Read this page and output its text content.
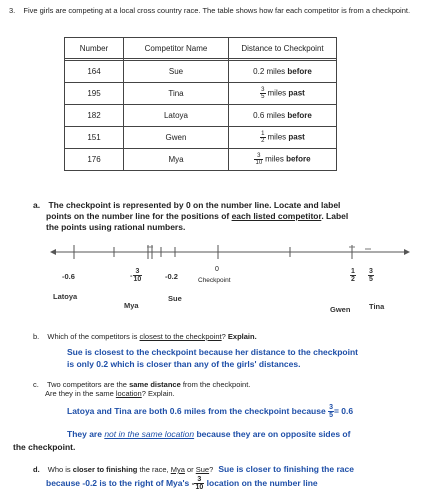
3. Five girls are competing at a local cross country race. The table shows how far each competitor is from a checkpoint.
Number	Competitor Name	Distance to Checkpoint

164	Sue	0.2 miles before
195	Tina	$\frac{3}{5}$ miles past
182	Latoya	0.6 miles before
151	Gwen	$\frac{1}{2}$ miles past
176	Mya	$\frac{3}{10}$ miles before
a. The checkpoint is represented by 0 on the number line. Locate and label
points on the number line for the positions of each listed competitor. Label
the points using rational numbers.
-0.6	- $\frac{3}{10}$	-0.2
0
Checkpoint	$\frac{1}{2} \frac{3}{5}$
Latoya
Mya
Sue
Gwen Tina
b. Which of the competitors is closest to the checkpoint? Explain.
Sue is closest to the checkpoint because her distance to the checkpoint
is only 0.2 which is closer than any of the girls' distances.
c. Two competitors are the same distance from the checkpoint.
Are they in the same location? Explain.
Latoya and Tina are both 0.6 miles from the checkpoint because $\frac{3}{5} = 0.6$
They are not in the same location because they are on opposite sides of
the checkpoint.
d. Who is closer to finishing the race, Mya or Sue? Sue is closer to finishing the race
because -0.2 is to the right of $Mya's - \frac{3}{10}$ location on the number line
